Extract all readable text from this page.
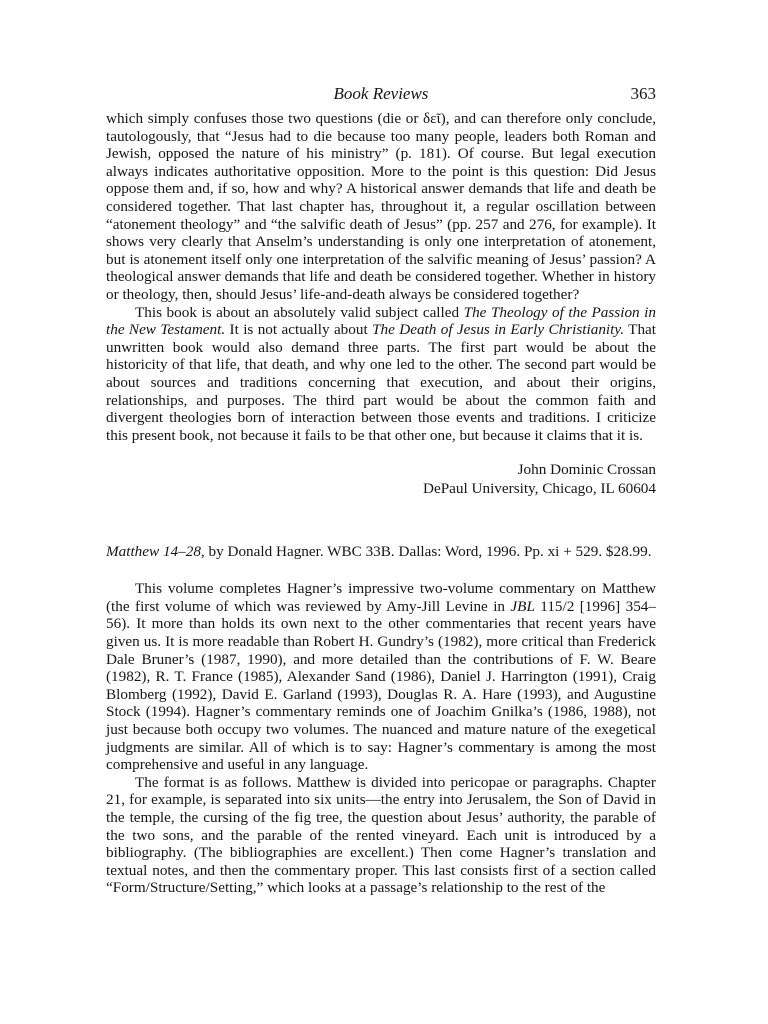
Book Reviews	363

which simply confuses those two questions (die or δεῖ), and can therefore only conclude, tautologously, that “Jesus had to die because too many people, leaders both Roman and Jewish, opposed the nature of his ministry” (p. 181). Of course. But legal execution always indicates authoritative opposition. More to the point is this question: Did Jesus oppose them and, if so, how and why? A historical answer demands that life and death be considered together. That last chapter has, throughout it, a regular oscillation between “atonement theology” and “the salvific death of Jesus” (pp. 257 and 276, for example). It shows very clearly that Anselm’s understanding is only one interpretation of atonement, but is atonement itself only one interpretation of the salvific meaning of Jesus’ passion? A theological answer demands that life and death be considered together. Whether in history or theology, then, should Jesus’ life-and-death always be considered together?

This book is about an absolutely valid subject called The Theology of the Passion in the New Testament. It is not actually about The Death of Jesus in Early Christianity. That unwritten book would also demand three parts. The first part would be about the historicity of that life, that death, and why one led to the other. The second part would be about sources and traditions concerning that execution, and about their origins, relationships, and purposes. The third part would be about the common faith and divergent theologies born of interaction between those events and traditions. I criticize this present book, not because it fails to be that other one, but because it claims that it is.

John Dominic Crossan
DePaul University, Chicago, IL 60604
Matthew 14–28, by Donald Hagner. WBC 33B. Dallas: Word, 1996. Pp. xi + 529. $28.99.

This volume completes Hagner’s impressive two-volume commentary on Matthew (the first volume of which was reviewed by Amy-Jill Levine in JBL 115/2 [1996] 354–56). It more than holds its own next to the other commentaries that recent years have given us. It is more readable than Robert H. Gundry’s (1982), more critical than Frederick Dale Bruner’s (1987, 1990), and more detailed than the contributions of F. W. Beare (1982), R. T. France (1985), Alexander Sand (1986), Daniel J. Harrington (1991), Craig Blomberg (1992), David E. Garland (1993), Douglas R. A. Hare (1993), and Augustine Stock (1994). Hagner’s commentary reminds one of Joachim Gnilka’s (1986, 1988), not just because both occupy two volumes. The nuanced and mature nature of the exegetical judgments are similar. All of which is to say: Hagner’s commentary is among the most comprehensive and useful in any language.

The format is as follows. Matthew is divided into pericopae or paragraphs. Chapter 21, for example, is separated into six units—the entry into Jerusalem, the Son of David in the temple, the cursing of the fig tree, the question about Jesus’ authority, the parable of the two sons, and the parable of the rented vineyard. Each unit is introduced by a bibliography. (The bibliographies are excellent.) Then come Hagner’s translation and textual notes, and then the commentary proper. This last consists first of a section called “Form/Structure/Setting,” which looks at a passage’s relationship to the rest of the
